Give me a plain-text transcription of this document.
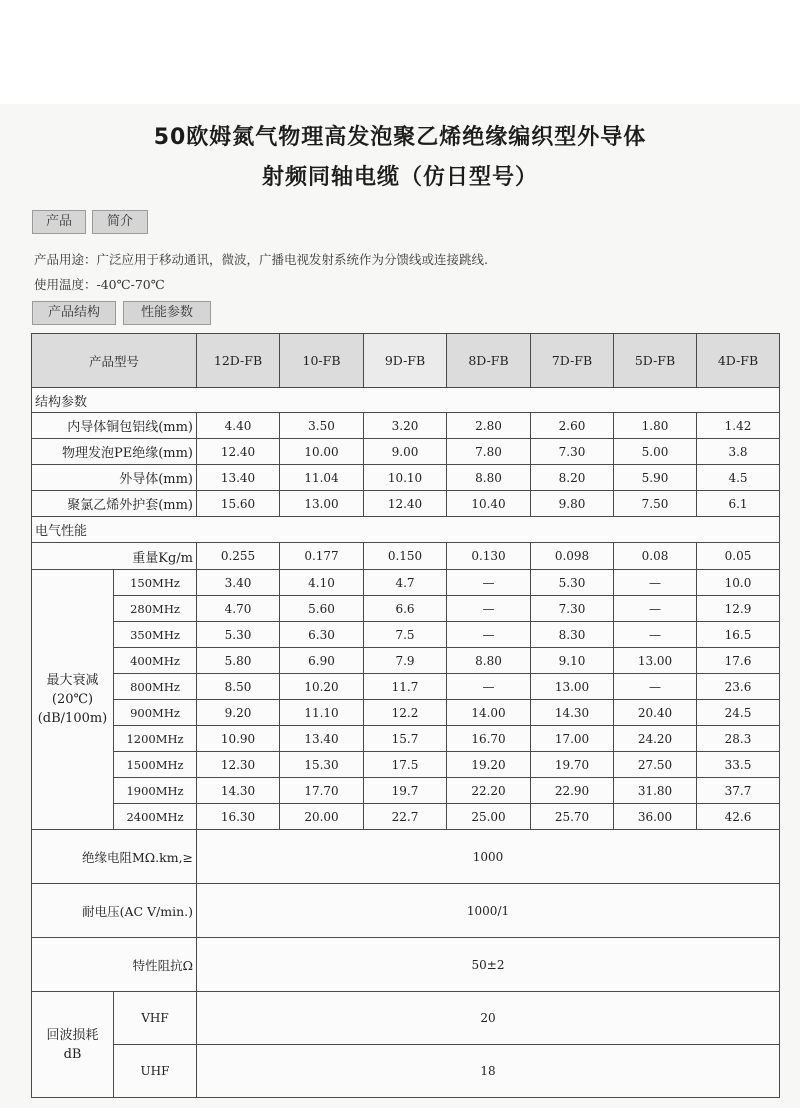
50欧姆氮气物理高发泡聚乙烯绝缘编织型外导体
射频同轴电缆（仿日型号）
产品	简介
产品用途：广泛应用于移动通讯，微波，广播电视发射系统作为分馈线或连接跳线.
使用温度：-40℃-70℃
产品结构	性能参数
产品型号		12D-FB	10-FB	9D-FB	8D-FB	7D-FB	5D-FB	4D-FB
结构参数								
内导体铜包铝线(mm)		4.40	3.50	3.20	2.80	2.60	1.80	1.42
物理发泡PE绝缘(mm)		12.40	10.00	9.00	7.80	7.30	5.00	3.8
外导体(mm)		13.40	11.04	10.10	8.80	8.20	5.90	4.5
聚氯乙烯外护套(mm)		15.60	13.00	12.40	10.40	9.80	7.50	6.1
电气性能								
重量Kg/m		0.255	0.177	0.150	0.130	0.098	0.08	0.05

最大衰减
(20℃)
(dB/100m)	150MHz	3.40	4.10	4.7	—	5.30	—	10.0
	280MHz	4.70	5.60	6.6	—	7.30	—	12.9
	350MHz	5.30	6.30	7.5	—	8.30	—	16.5
	400MHz	5.80	6.90	7.9	8.80	9.10	13.00	17.6
	800MHz	8.50	10.20	11.7	—	13.00	—	23.6
	900MHz	9.20	11.10	12.2	14.00	14.30	20.40	24.5
	1200MHz	10.90	13.40	15.7	16.70	17.00	24.20	28.3
	1500MHz	12.30	15.30	17.5	19.20	19.70	27.50	33.5
	1900MHz	14.30	17.70	19.7	22.20	22.90	31.80	37.7
	2400MHz	16.30	20.00	22.7	25.00	25.70	36.00	42.6
绝缘电阻MΩ.km,≥		1000						
耐电压(AC V/min.)		1000/1						
特性阻抗Ω		50±2						

回波损耗
dB	VHF	20						
	UHF	18						
